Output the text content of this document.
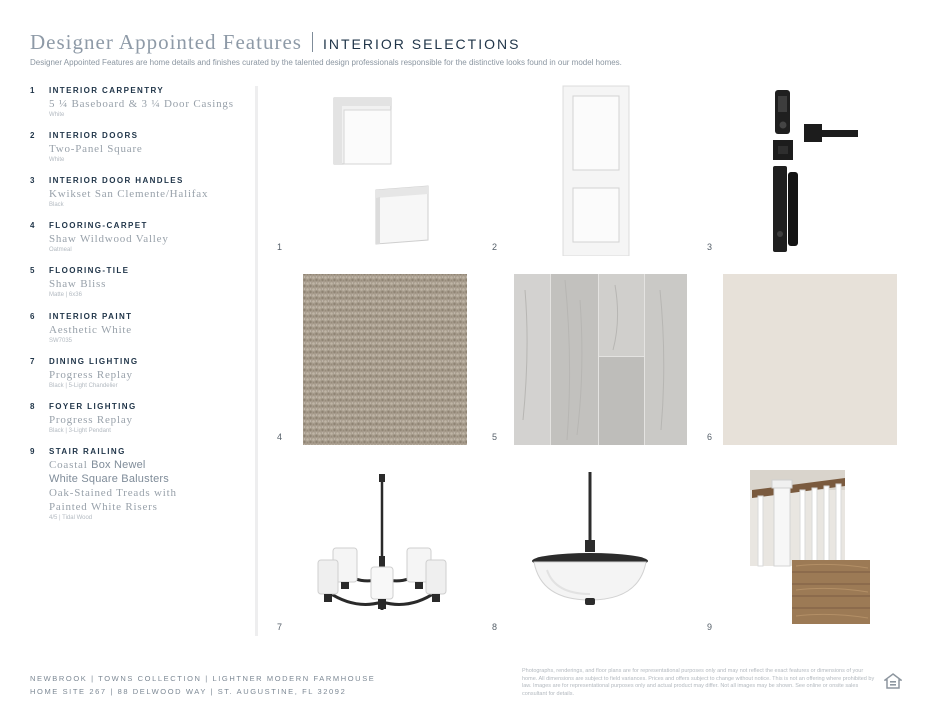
Designer Appointed Features INTERIOR SELECTIONS
Designer Appointed Features are home details and finishes curated by the talented design professionals responsible for the distinctive looks found in our model homes.
1 INTERIOR CARPENTRY
5 ¼ Baseboard & 3 ¼ Door Casings
White
2 INTERIOR DOORS
Two-Panel Square
White
3 INTERIOR DOOR HANDLES
Kwikset San Clemente/Halifax
Black
4 FLOORING-CARPET
Shaw Wildwood Valley
Oatmeal
5 FLOORING-TILE
Shaw Bliss
Matte | 6x36
6 INTERIOR PAINT
Aesthetic White
SW7035
7 DINING LIGHTING
Progress Replay
Black | 5-Light Chandelier
8 FOYER LIGHTING
Progress Replay
Black | 3-Light Pendant
9 STAIR RAILING
Coastal Box Newel
White Square Balusters
Oak-Stained Treads with
Painted White Risers
4/5 | Tidal Wood
1	2	3
4	5	6
7	8	9
NEWBROOK | TOWNS COLLECTION | LIGHTNER MODERN FARMHOUSE
HOME SITE 267 | 88 DELWOOD WAY | ST. AUGUSTINE, FL 32092
Photographs, renderings, and floor plans are for representational purposes only and may not reflect the exact features or dimensions of your home. All dimensions are subject to field variances. Prices and offers subject to change without notice. This is not an offering where prohibited by law. Images are for representational purposes only and actual product may differ. Not all images may be shown. See online or onsite sales consultant for details.
